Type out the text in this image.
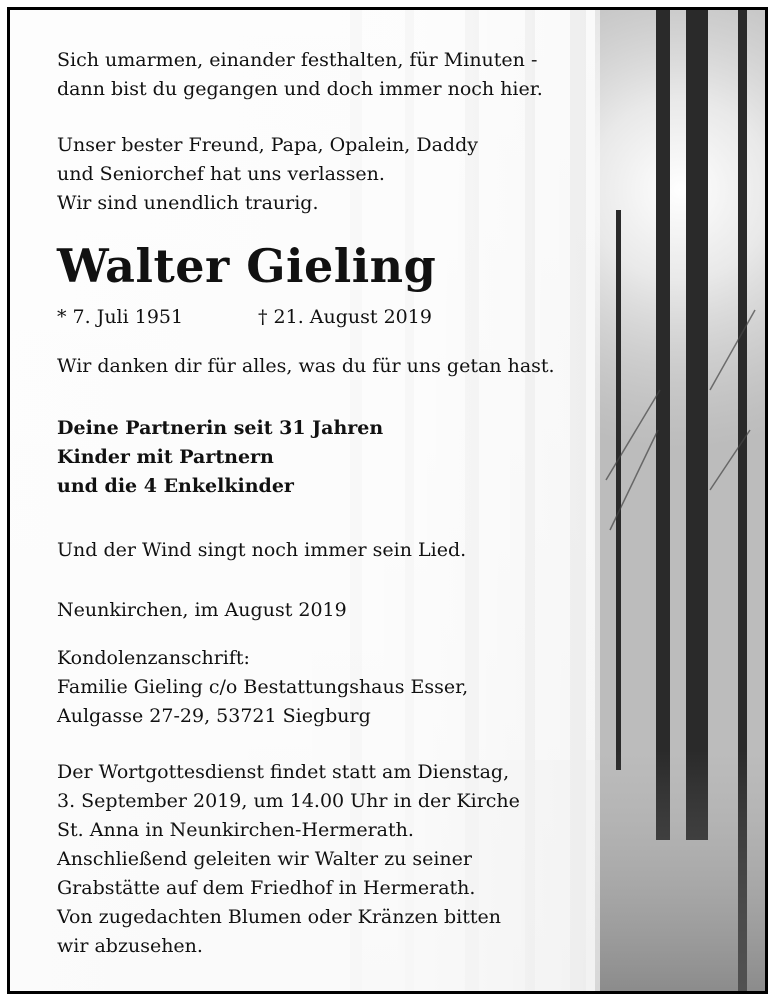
Sich umarmen, einander festhalten, für Minuten -
dann bist du gegangen und doch immer noch hier.
Unser bester Freund, Papa, Opalein, Daddy
und Seniorchef hat uns verlassen.
Wir sind unendlich traurig.
Walter Gieling
* 7. Juli 1951	† 21. August 2019
Wir danken dir für alles, was du für uns getan hast.
Deine Partnerin seit 31 Jahren
Kinder mit Partnern
und die 4 Enkelkinder
Und der Wind singt noch immer sein Lied.
Neunkirchen, im August 2019
Kondolenzanschrift:
Familie Gieling c/o Bestattungshaus Esser,
Aulgasse 27-29, 53721 Siegburg
Der Wortgottesdienst findet statt am Dienstag,
3. September 2019, um 14.00 Uhr in der Kirche
St. Anna in Neunkirchen-Hermerath.
Anschließend geleiten wir Walter zu seiner
Grabstätte auf dem Friedhof in Hermerath.
Von zugedachten Blumen oder Kränzen bitten
wir abzusehen.
